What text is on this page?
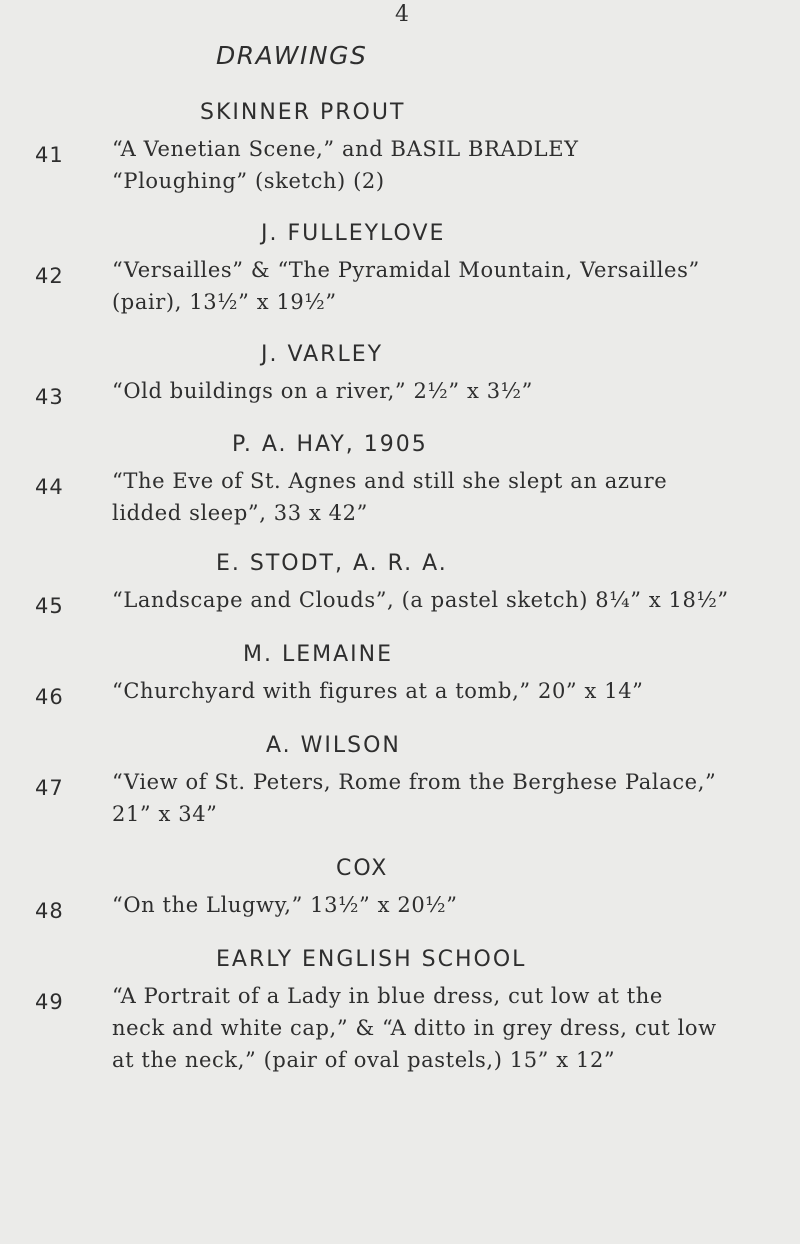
4
DRAWINGS
41
SKINNER PROUT
“A Venetian Scene,” and BASIL BRADLEY
“Ploughing” (sketch) (2)
42
J. FULLEYLOVE
“Versailles” & “The Pyramidal Mountain, Versailles”
(pair), 13½” x 19½”
43
J. VARLEY
“Old buildings on a river,” 2½” x 3½”
44
P. A. HAY, 1905
“The Eve of St. Agnes and still she slept an azure
lidded sleep”, 33 x 42”
45
E. STODT, A. R. A.
“Landscape and Clouds”, (a pastel sketch) 8¼” x 18½”
46
M. LEMAINE
“Churchyard with figures at a tomb,” 20” x 14”
47
A. WILSON
“View of St. Peters, Rome from the Berghese Palace,”
21” x 34”
48
COX
“On the Llugwy,” 13½” x 20½”
49
EARLY ENGLISH SCHOOL
“A Portrait of a Lady in blue dress, cut low at the
neck and white cap,” & “A ditto in grey dress, cut low
at the neck,” (pair of oval pastels,) 15” x 12”
